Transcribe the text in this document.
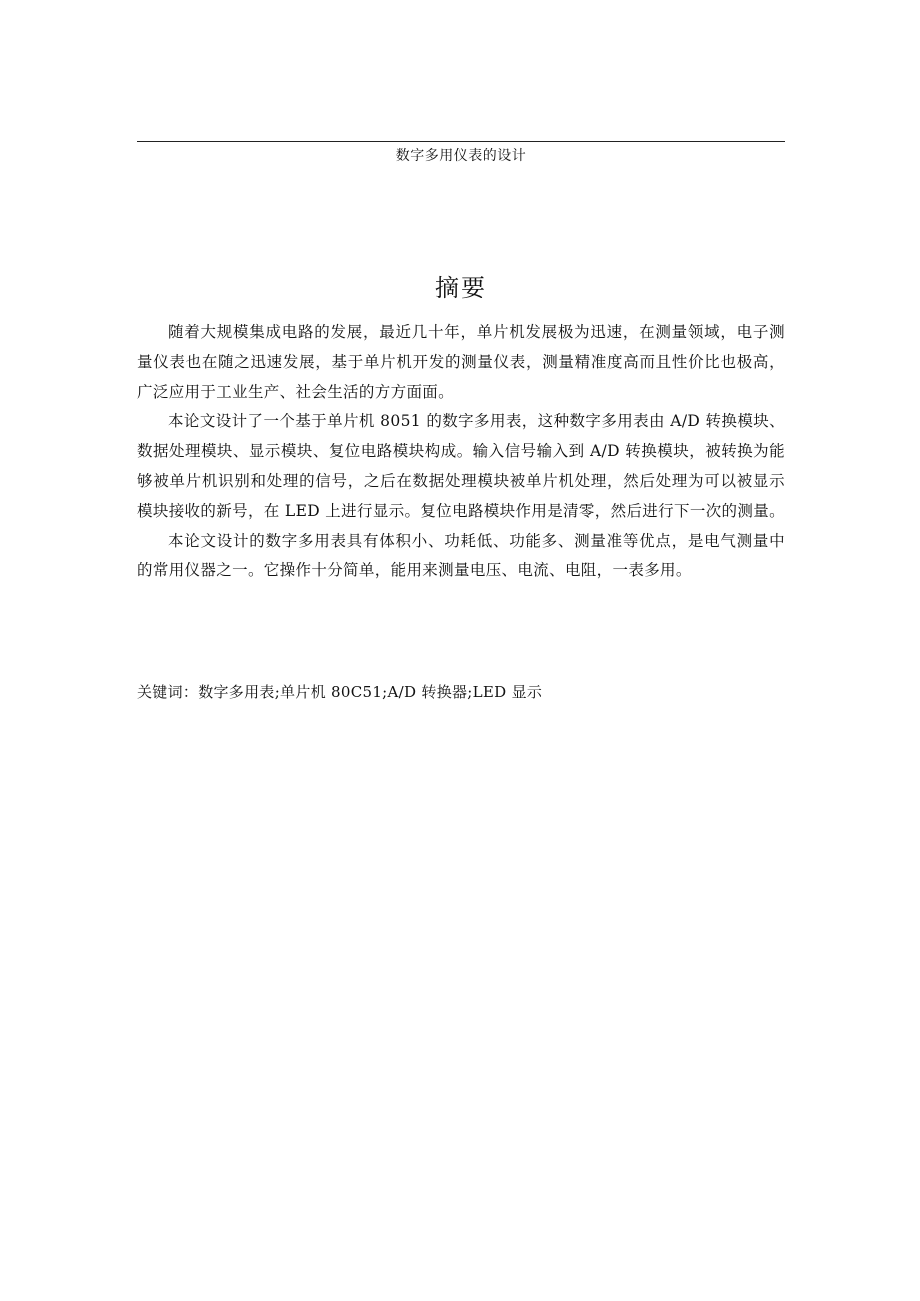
数字多用仪表的设计
摘要

随着大规模集成电路的发展，最近几十年，单片机发展极为迅速，在测量领域，电子测量仪表也在随之迅速发展，基于单片机开发的测量仪表，测量精准度高而且性价比也极高，广泛应用于工业生产、社会生活的方方面面。

本论文设计了一个基于单片机 8051 的数字多用表，这种数字多用表由 A/D 转换模块、数据处理模块、显示模块、复位电路模块构成。输入信号输入到 A/D 转换模块，被转换为能够被单片机识别和处理的信号，之后在数据处理模块被单片机处理，然后处理为可以被显示模块接收的新号，在 LED 上进行显示。复位电路模块作用是清零，然后进行下一次的测量。

本论文设计的数字多用表具有体积小、功耗低、功能多、测量准等优点，是电气测量中的常用仪器之一。它操作十分简单，能用来测量电压、电流、电阻，一表多用。

关键词：数字多用表;单片机 80C51;A/D 转换器;LED 显示
